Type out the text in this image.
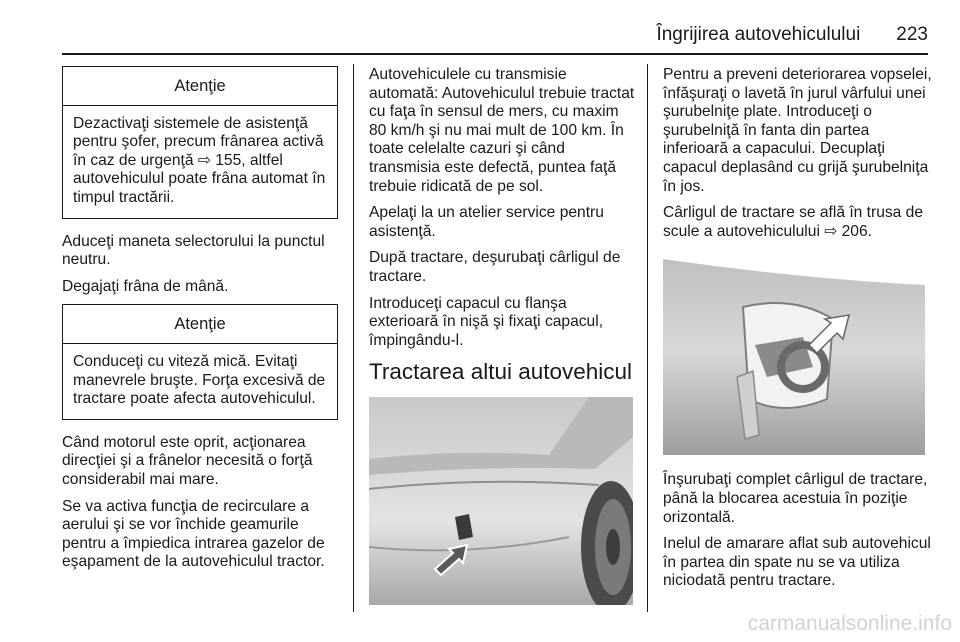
Îngrijirea autovehiculului 223
Atenţie
Dezactivaţi sistemele de asistenţă pentru şofer, precum frânarea activă în caz de urgenţă ⇨ 155, altfel autovehiculul poate frâna automat în timpul tractării.

Aduceţi maneta selectorului la punctul neutru.

Degajaţi frâna de mână.

Atenţie
Conduceţi cu viteză mică. Evitaţi manevrele bruşte. Forţa excesivă de tractare poate afecta autovehiculul.

Când motorul este oprit, acţionarea direcţiei şi a frânelor necesită o forţă considerabil mai mare.

Se va activa funcţia de recirculare a aerului şi se vor închide geamurile pentru a împiedica intrarea gazelor de eşapament de la autovehiculul tractor.

Autovehiculele cu transmisie automată: Autovehiculul trebuie tractat cu faţa în sensul de mers, cu maxim 80 km/h şi nu mai mult de 100 km. În toate celelalte cazuri şi când transmisia este defectă, puntea faţă trebuie ridicată de pe sol.

Apelaţi la un atelier service pentru asistenţă.

După tractare, deşurubaţi cârligul de tractare.

Introduceţi capacul cu flanşa exterioară în nişă şi fixaţi capacul, împingându-l.

Tractarea altui autovehicul

Pentru a preveni deteriorarea vopselei, înfăşuraţi o lavetă în jurul vârfului unei şurubelniţe plate. Introduceţi o şurubelniţă în fanta din partea inferioară a capacului. Decuplaţi capacul deplasând cu grijă şurubelniţa în jos.

Cârligul de tractare se află în trusa de scule a autovehiculului ⇨ 206.

Înşurubaţi complet cârligul de tractare, până la blocarea acestuia în poziţie orizontală.

Inelul de amarare aflat sub autovehicul în partea din spate nu se va utiliza niciodată pentru tractare.

carmanualsonline.info
